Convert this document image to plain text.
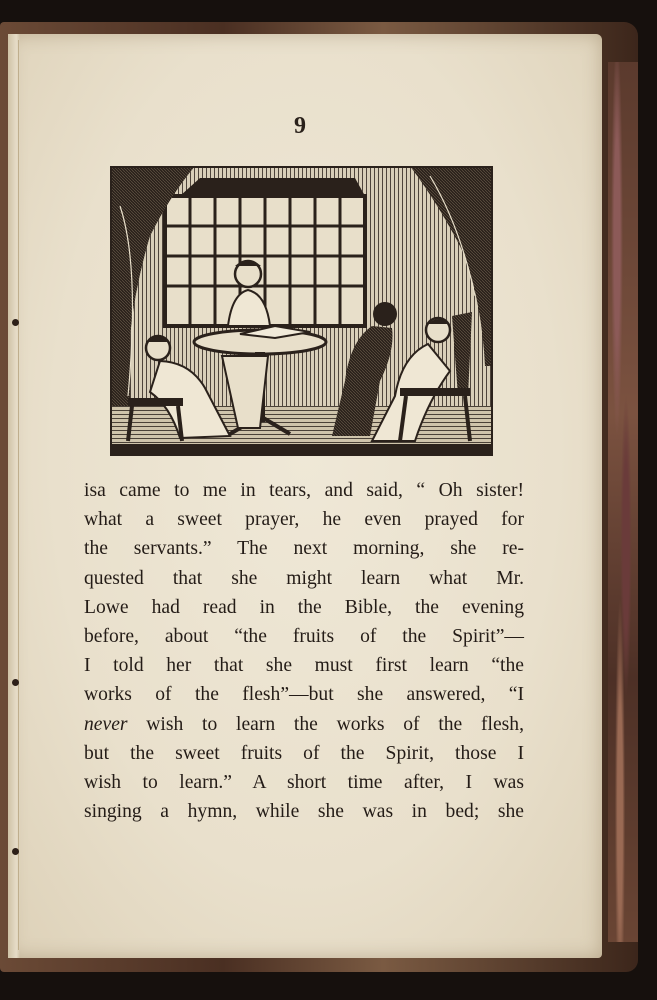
9
isa came to me in tears, and said, “ Oh sister!
what a sweet prayer, he even prayed for
the servants.” The next morning, she re-
quested that she might learn what Mr.
Lowe had read in the Bible, the evening
before, about “the fruits of the Spirit”—
I told her that she must first learn “the
works of the flesh”—but she answered, “I
never wish to learn the works of the flesh,
but the sweet fruits of the Spirit, those I
wish to learn.” A short time after, I was
singing a hymn, while she was in bed; she
